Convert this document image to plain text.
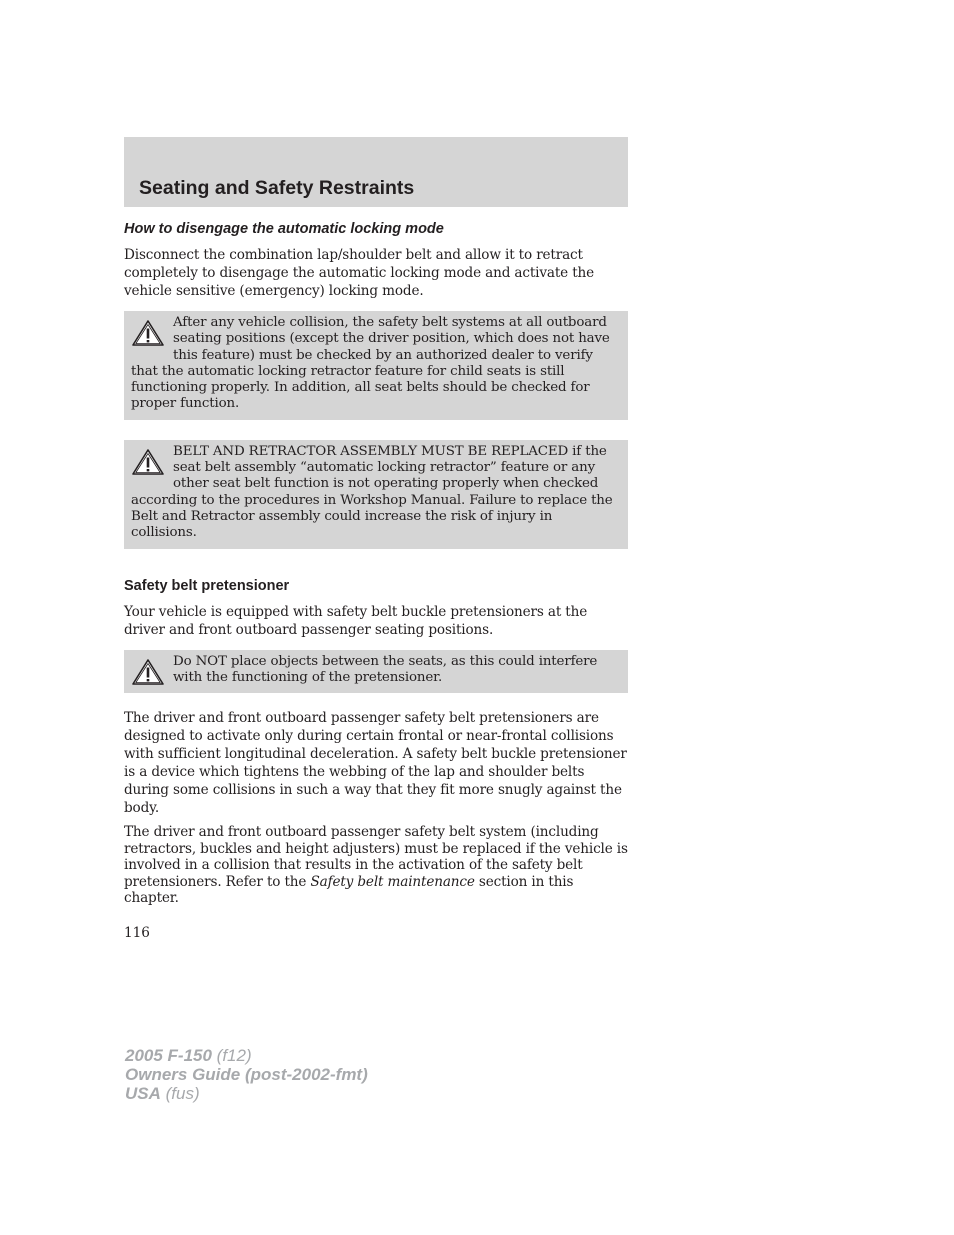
Seating and Safety Restraints
How to disengage the automatic locking mode

Disconnect the combination lap/shoulder belt and allow it to retract completely to disengage the automatic locking mode and activate the vehicle sensitive (emergency) locking mode.

After any vehicle collision, the safety belt systems at all outboard seating positions (except the driver position, which does not have this feature) must be checked by an authorized dealer to verify that the automatic locking retractor feature for child seats is still functioning properly. In addition, all seat belts should be checked for proper function.

BELT AND RETRACTOR ASSEMBLY MUST BE REPLACED if the seat belt assembly “automatic locking retractor” feature or any other seat belt function is not operating properly when checked according to the procedures in Workshop Manual. Failure to replace the Belt and Retractor assembly could increase the risk of injury in collisions.

Safety belt pretensioner

Your vehicle is equipped with safety belt buckle pretensioners at the driver and front outboard passenger seating positions.

Do NOT place objects between the seats, as this could interfere with the functioning of the pretensioner.

The driver and front outboard passenger safety belt pretensioners are designed to activate only during certain frontal or near-frontal collisions with sufficient longitudinal deceleration. A safety belt buckle pretensioner is a device which tightens the webbing of the lap and shoulder belts during some collisions in such a way that they fit more snugly against the body.

The driver and front outboard passenger safety belt system (including retractors, buckles and height adjusters) must be replaced if the vehicle is involved in a collision that results in the activation of the safety belt pretensioners. Refer to the Safety belt maintenance section in this chapter.

116
2005 F-150 (f12)
Owners Guide (post-2002-fmt)
USA (fus)
